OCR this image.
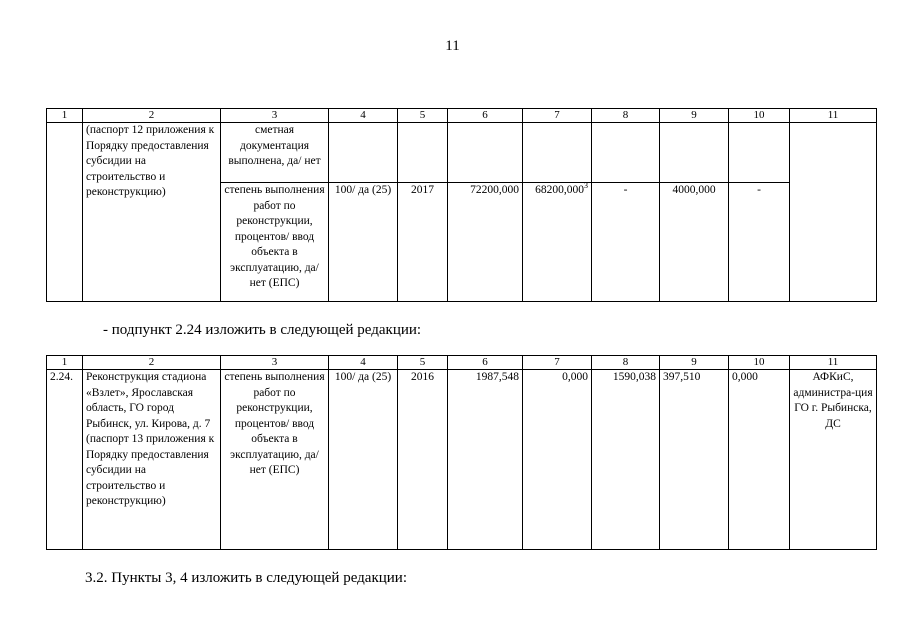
11
1	2	3	4	5	6	7	8	9	10	11
	(паспорт 12 приложения к Порядку предоставления субсидии на строительство и реконструкцию)	сметная документация выполнена, да/ нет								
		степень выполнения работ по реконструкции, процентов/ ввод объекта в эксплуатацию, да/ нет (ЕПС)	100/ да (25)	2017	72200,000	68200,000$^3$	-	4000,000	-	
- подпункт 2.24 изложить в следующей редакции:
1	2	3	4	5	6	7	8	9	10	11
2.24.	Реконструкция стадиона «Взлет», Ярославская область, ГО город Рыбинск, ул. Кирова, д. 7 (паспорт 13 приложения к Порядку предоставления субсидии на строительство и реконструкцию)	степень выполнения работ по реконструкции, процентов/ ввод объекта в эксплуатацию, да/ нет (ЕПС)	100/ да (25)	2016	1987,548	0,000	1590,038	397,510	0,000	АФКиС, администра-ция ГО г. Рыбинска, ДС
3.2. Пункты 3, 4 изложить в следующей редакции:
